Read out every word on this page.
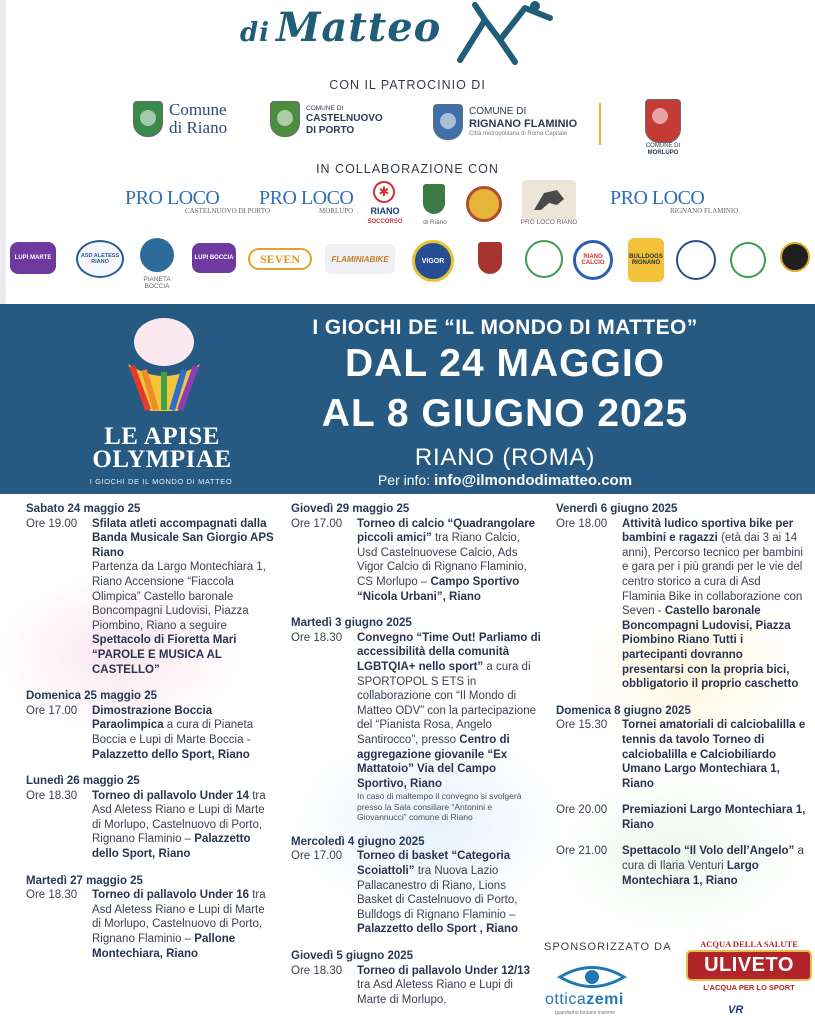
di Matteo
CON IL PATROCINIO DI
Comune
di Riano
COMUNE DI
CASTELNUOVO
DI PORTO
COMUNE DI
RIGNANO FLAMINIO
Città metropolitana di Roma Capitale
COMUNE DI
MORLUPO
IN COLLABORAZIONE CON
PRO LOCO
CASTELNUOVO DI PORTO
PRO LOCO
MORLUPO
✱
RIANO
SOCCORSO	di Riano	PRO LOCO RIANO
PRO LOCO
RIGNANO FLAMINIO
LUPI MARTE	ASD ALETESS RIANO
PIANETA BOCCIA
LUPI BOCCIA SEVEN	FLAMINIABIKE	VIGOR
RIANO CALCIO
BULLDOGS RIGNANO
LE APISE
OLYMPIAE
I GIOCHI DE IL MONDO DI MATTEO
I GIOCHI DE “IL MONDO DI MATTEO”
DAL 24 MAGGIO
AL 8 GIUGNO 2025
RIANO (ROMA)
Per info: info@ilmondodimatteo.com
Sabato 24 maggio 25
Ore 19.00	Sfilata atleti accompagnati dalla Banda Musicale San Giorgio APS Riano
Partenza da Largo Montechiara 1, Riano Accensione “Fiaccola Olimpica” Castello baronale Boncompagni Ludovisi, Piazza Piombino, Riano a seguire Spettacolo di Fioretta Mari “PAROLE E MUSICA AL CASTELLO”
Domenica 25 maggio 25
Ore 17.00	Dimostrazione Boccia Paraolimpica a cura di Pianeta Boccia e Lupi di Marte Boccia - Palazzetto dello Sport, Riano
Lunedì 26 maggio 25
Ore 18.30	Torneo di pallavolo Under 14 tra Asd Aletess Riano e Lupi di Marte di Morlupo, Castelnuovo di Porto, Rignano Flaminio – Palazzetto dello Sport, Riano
Martedì 27 maggio 25
Ore 18.30	Torneo di pallavolo Under 16 tra Asd Aletess Riano e Lupi di Marte di Morlupo, Castelnuovo di Porto, Rignano Flaminio – Pallone Montechiara, Riano
Giovedì 29 maggio 25
Ore 17.00	Torneo di calcio “Quadrangolare piccoli amici” tra Riano Calcio, Usd Castelnuovese Calcio, Ads Vigor Calcio di Rignano Flaminio, CS Morlupo – Campo Sportivo “Nicola Urbani”, Riano
Martedì 3 giugno 2025
Ore 18.30	Convegno “Time Out! Parliamo di accessibilità della comunità LGBTQIA+ nello sport” a cura di SPORTOPOL S ETS in collaborazione con “Il Mondo di Matteo ODV” con la partecipazione del “Pianista Rosa, Angelo Santirocco”, presso Centro di aggregazione giovanile “Ex Mattatoio” Via del Campo Sportivo, Riano
In caso di maltempo il convegno si svolgerà presso la Sala consiliare “Antonini e Giovannucci” comune di Riano
Mercoledì 4 giugno 2025
Ore 17.00	Torneo di basket “Categoria Scoiattoli” tra Nuova Lazio Pallacanestro di Riano, Lions Basket di Castelnuovo di Porto, Bulldogs di Rignano Flaminio – Palazzetto dello Sport , Riano
Giovedì 5 giugno 2025
Ore 18.30	Torneo di pallavolo Under 12/13 tra Asd Aletess Riano e Lupi di Marte di Morlupo,
Venerdì 6 giugno 2025
Ore 18.00	Attività ludico sportiva bike per bambini e ragazzi (età dai 3 ai 14 anni), Percorso tecnico per bambini e gara per i più grandi per le vie del centro storico a cura di Asd Flaminia Bike in collaborazione con Seven - Castello baronale Boncompagni Ludovisi, Piazza Piombino Riano Tutti i partecipanti dovranno presentarsi con la propria bici, obbligatorio il proprio caschetto
Domenica 8 giugno 2025
Ore 15.30	Tornei amatoriali di calciobalilla e tennis da tavolo Torneo di calciobalilla e Calciobiliardo Umano Largo Montechiara 1, Riano
Ore 20.00	Premiazioni Largo Montechiara 1, Riano
Ore 21.00	Spettacolo “Il Volo dell’Angelo” a cura di Ilaria Venturi Largo Montechiara 1, Riano
SPONSORIZZATO DA
otticazemi
guardiamo lontano insieme
ACQUA DELLA SALUTE
ULIVETO
L’ACQUA PER LO SPORT
VR
